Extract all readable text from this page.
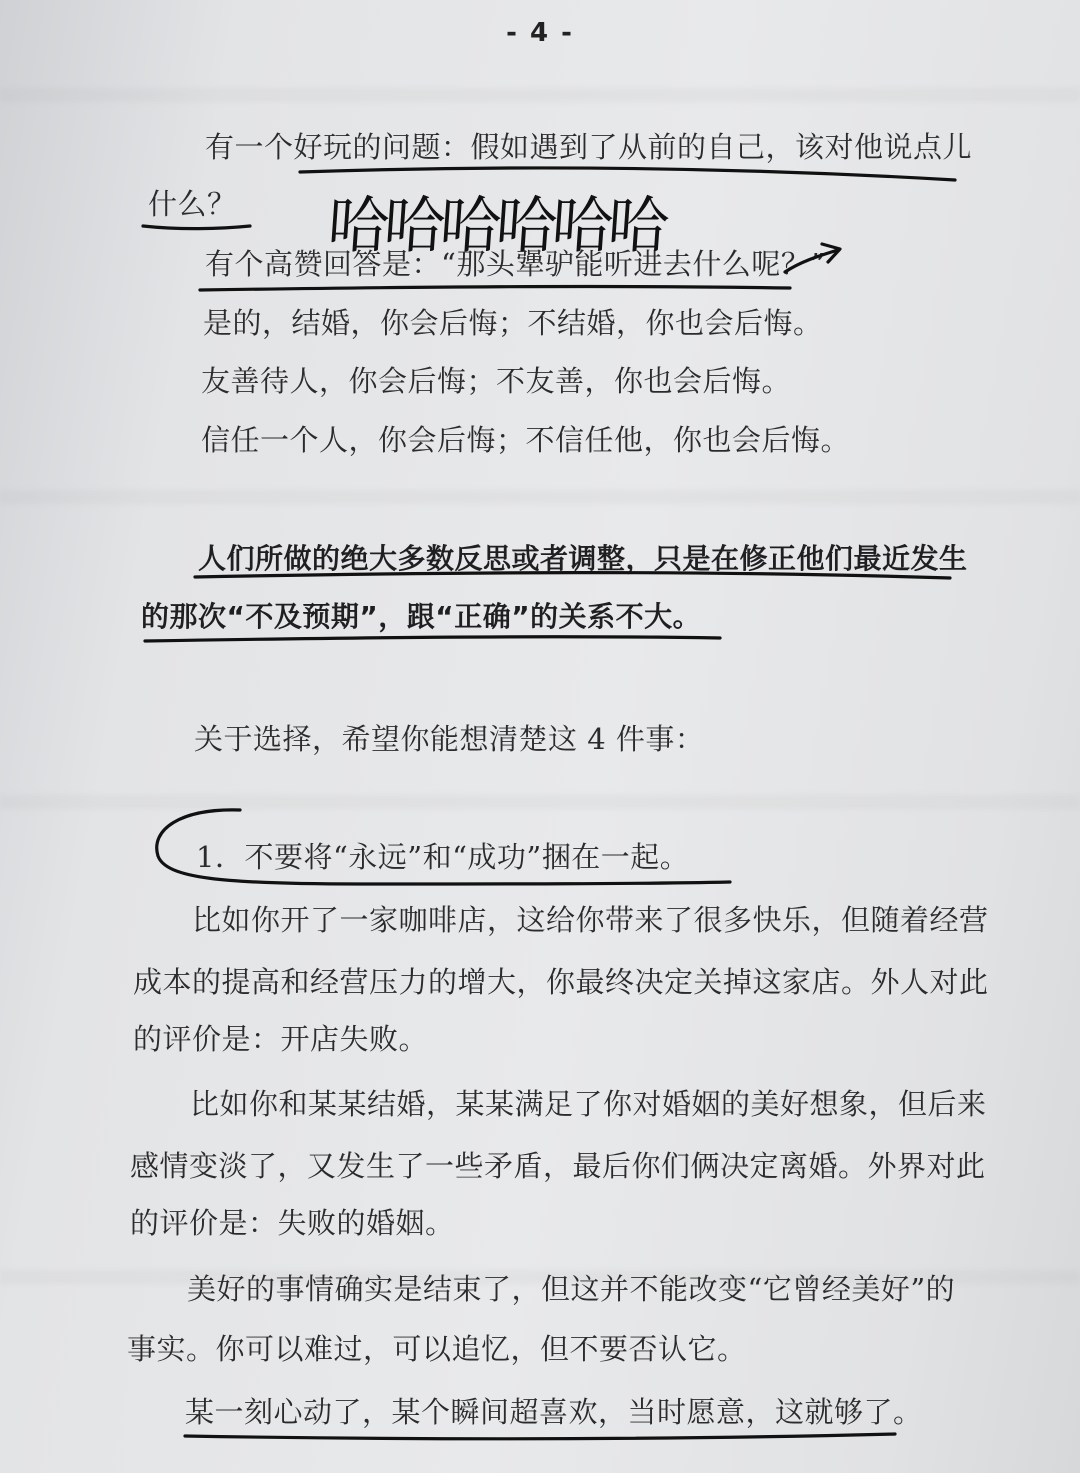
- 4 -
有一个好玩的问题：假如遇到了从前的自己，该对他说点儿
什么？
有个高赞回答是：“那头犟驴能听进去什么呢？”
是的，结婚，你会后悔；不结婚，你也会后悔。
友善待人，你会后悔；不友善，你也会后悔。
信任一个人，你会后悔；不信任他，你也会后悔。
人们所做的绝大多数反思或者调整，只是在修正他们最近发生
的那次“不及预期”，跟“正确”的关系不大。
关于选择，希望你能想清楚这 4 件事：
1．不要将“永远”和“成功”捆在一起。
比如你开了一家咖啡店，这给你带来了很多快乐，但随着经营
成本的提高和经营压力的增大，你最终决定关掉这家店。外人对此
的评价是：开店失败。
比如你和某某结婚，某某满足了你对婚姻的美好想象，但后来
感情变淡了，又发生了一些矛盾，最后你们俩决定离婚。外界对此
的评价是：失败的婚姻。
美好的事情确实是结束了，但这并不能改变“它曾经美好”的
事实。你可以难过，可以追忆，但不要否认它。
某一刻心动了，某个瞬间超喜欢，当时愿意，这就够了。
哈哈哈哈哈哈
